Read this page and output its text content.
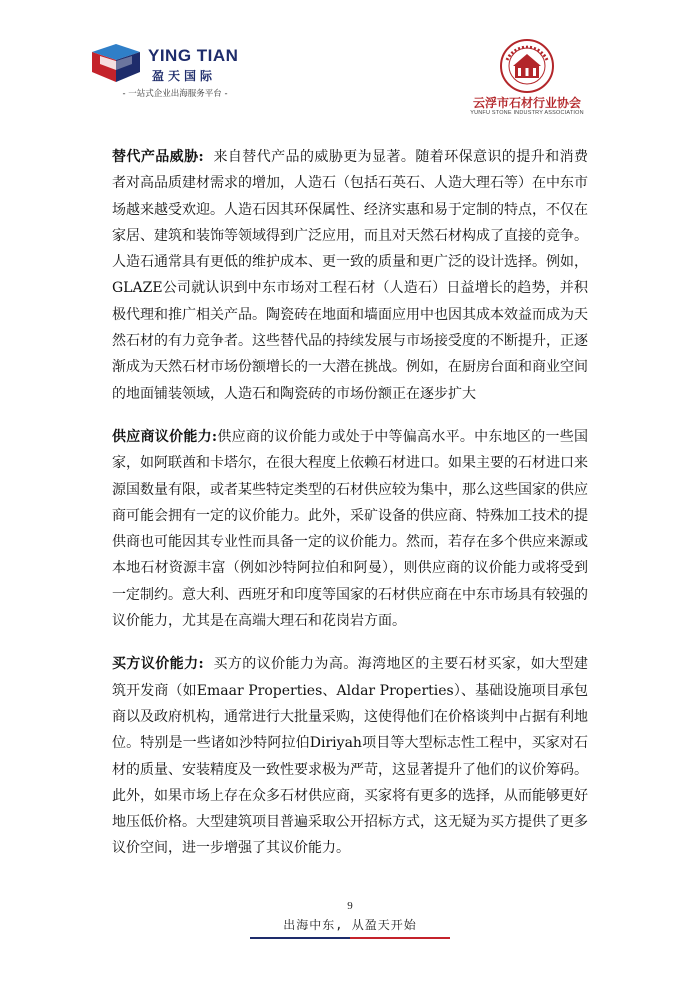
YING TIAN
盈天国际
- 一站式企业出海服务平台 -
云浮市石材行业协会
YUNFU STONE INDUSTRY ASSOCIATION

替代产品威胁: 来自替代产品的威胁更为显著。随着环保意识的提升和消费者对高品质建材需求的增加，人造石（包括石英石、人造大理石等）在中东市场越来越受欢迎。人造石因其环保属性、经济实惠和易于定制的特点，不仅在家居、建筑和装饰等领域得到广泛应用，而且对天然石材构成了直接的竞争。人造石通常具有更低的维护成本、更一致的质量和更广泛的设计选择。例如，GLAZE公司就认识到中东市场对工程石材（人造石）日益增长的趋势，并积极代理和推广相关产品。陶瓷砖在地面和墙面应用中也因其成本效益而成为天然石材的有力竞争者。这些替代品的持续发展与市场接受度的不断提升，正逐渐成为天然石材市场份额增长的一大潜在挑战。例如，在厨房台面和商业空间的地面铺装领域，人造石和陶瓷砖的市场份额正在逐步扩大

供应商议价能力:供应商的议价能力或处于中等偏高水平。中东地区的一些国家，如阿联酋和卡塔尔，在很大程度上依赖石材进口。如果主要的石材进口来源国数量有限，或者某些特定类型的石材供应较为集中，那么这些国家的供应商可能会拥有一定的议价能力。此外，采矿设备的供应商、特殊加工技术的提供商也可能因其专业性而具备一定的议价能力。然而，若存在多个供应来源或本地石材资源丰富（例如沙特阿拉伯和阿曼），则供应商的议价能力或将受到一定制约。意大利、西班牙和印度等国家的石材供应商在中东市场具有较强的议价能力，尤其是在高端大理石和花岗岩方面。

买方议价能力: 买方的议价能力为高。海湾地区的主要石材买家，如大型建筑开发商（如Emaar Properties、Aldar Properties）、基础设施项目承包商以及政府机构，通常进行大批量采购，这使得他们在价格谈判中占据有利地位。特别是一些诸如沙特阿拉伯Diriyah项目等大型标志性工程中，买家对石材的质量、安装精度及一致性要求极为严苛，这显著提升了他们的议价筹码。此外，如果市场上存在众多石材供应商，买家将有更多的选择，从而能够更好地压低价格。大型建筑项目普遍采取公开招标方式，这无疑为买方提供了更多议价空间，进一步增强了其议价能力。

9
出海中东, 从盈天开始
